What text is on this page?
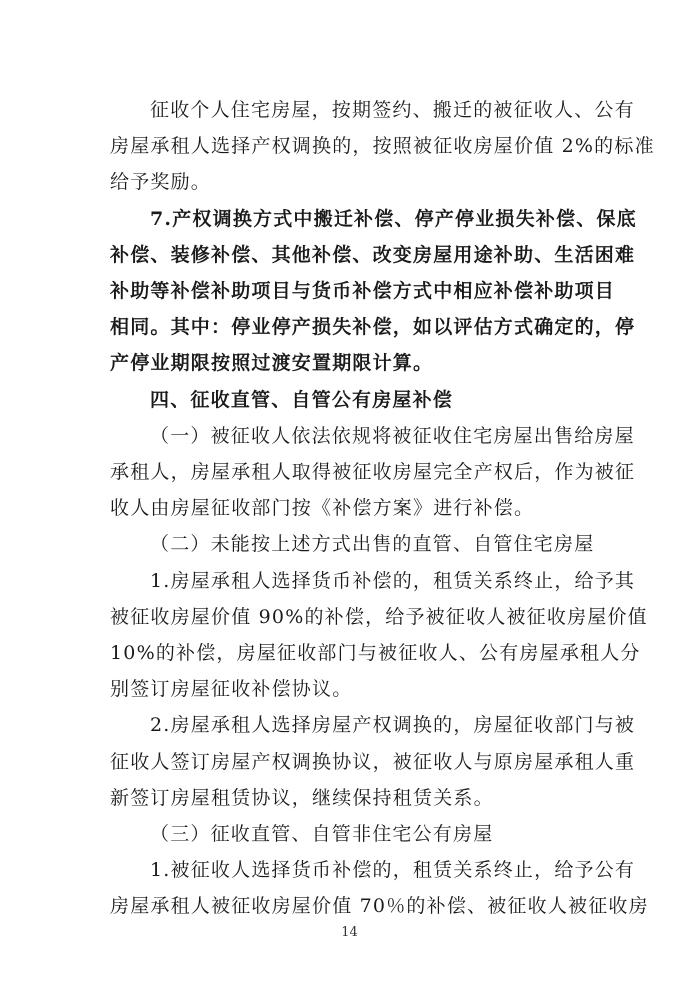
征收个人住宅房屋，按期签约、搬迁的被征收人、公有
房屋承租人选择产权调换的，按照被征收房屋价值 2%的标准
给予奖励。
7.产权调换方式中搬迁补偿、停产停业损失补偿、保底
补偿、装修补偿、其他补偿、改变房屋用途补助、生活困难
补助等补偿补助项目与货币补偿方式中相应补偿补助项目
相同。其中：停业停产损失补偿，如以评估方式确定的，停
产停业期限按照过渡安置期限计算。
四、征收直管、自管公有房屋补偿
（一）被征收人依法依规将被征收住宅房屋出售给房屋
承租人，房屋承租人取得被征收房屋完全产权后，作为被征
收人由房屋征收部门按《补偿方案》进行补偿。
（二）未能按上述方式出售的直管、自管住宅房屋
1.房屋承租人选择货币补偿的，租赁关系终止，给予其
被征收房屋价值 90%的补偿，给予被征收人被征收房屋价值
10%的补偿，房屋征收部门与被征收人、公有房屋承租人分
别签订房屋征收补偿协议。
2.房屋承租人选择房屋产权调换的，房屋征收部门与被
征收人签订房屋产权调换协议，被征收人与原房屋承租人重
新签订房屋租赁协议，继续保持租赁关系。
（三）征收直管、自管非住宅公有房屋
1.被征收人选择货币补偿的，租赁关系终止，给予公有
房屋承租人被征收房屋价值 70％的补偿、被征收人被征收房
14
